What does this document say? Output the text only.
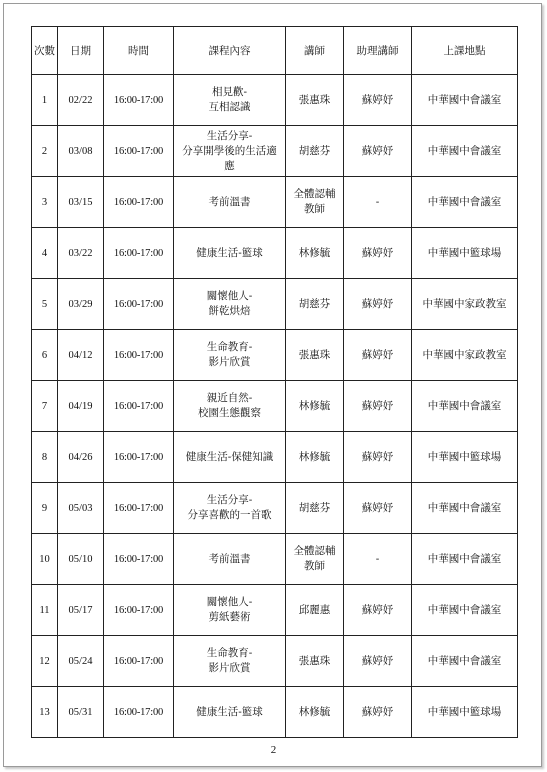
次數	日期	時間	課程內容	講師	助理講師	上課地點
1	02/22	16:00-17:00	相見歡-
互相認識	張惠珠	蘇婷妤	中華國中會議室
2	03/08	16:00-17:00	生活分享-
分享開學後的生活適
應	胡慈芬	蘇婷妤	中華國中會議室
3	03/15	16:00-17:00	考前溫書	全體認輔
教師	-	中華國中會議室
4	03/22	16:00-17:00	健康生活-籃球	林修毓	蘇婷妤	中華國中籃球場
5	03/29	16:00-17:00	關懷他人-
餅乾烘焙	胡慈芬	蘇婷妤	中華國中家政教室
6	04/12	16:00-17:00	生命教育-
影片欣賞	張惠珠	蘇婷妤	中華國中家政教室
7	04/19	16:00-17:00	親近自然-
校園生態觀察	林修毓	蘇婷妤	中華國中會議室
8	04/26	16:00-17:00	健康生活-保健知識	林修毓	蘇婷妤	中華國中籃球場
9	05/03	16:00-17:00	生活分享-
分享喜歡的一首歌	胡慈芬	蘇婷妤	中華國中會議室
10	05/10	16:00-17:00	考前溫書	全體認輔
教師	-	中華國中會議室
11	05/17	16:00-17:00	關懷他人-
剪紙藝術	邱麗惠	蘇婷妤	中華國中會議室
12	05/24	16:00-17:00	生命教育-
影片欣賞	張惠珠	蘇婷妤	中華國中會議室
13	05/31	16:00-17:00	健康生活-籃球	林修毓	蘇婷妤	中華國中籃球場
2
